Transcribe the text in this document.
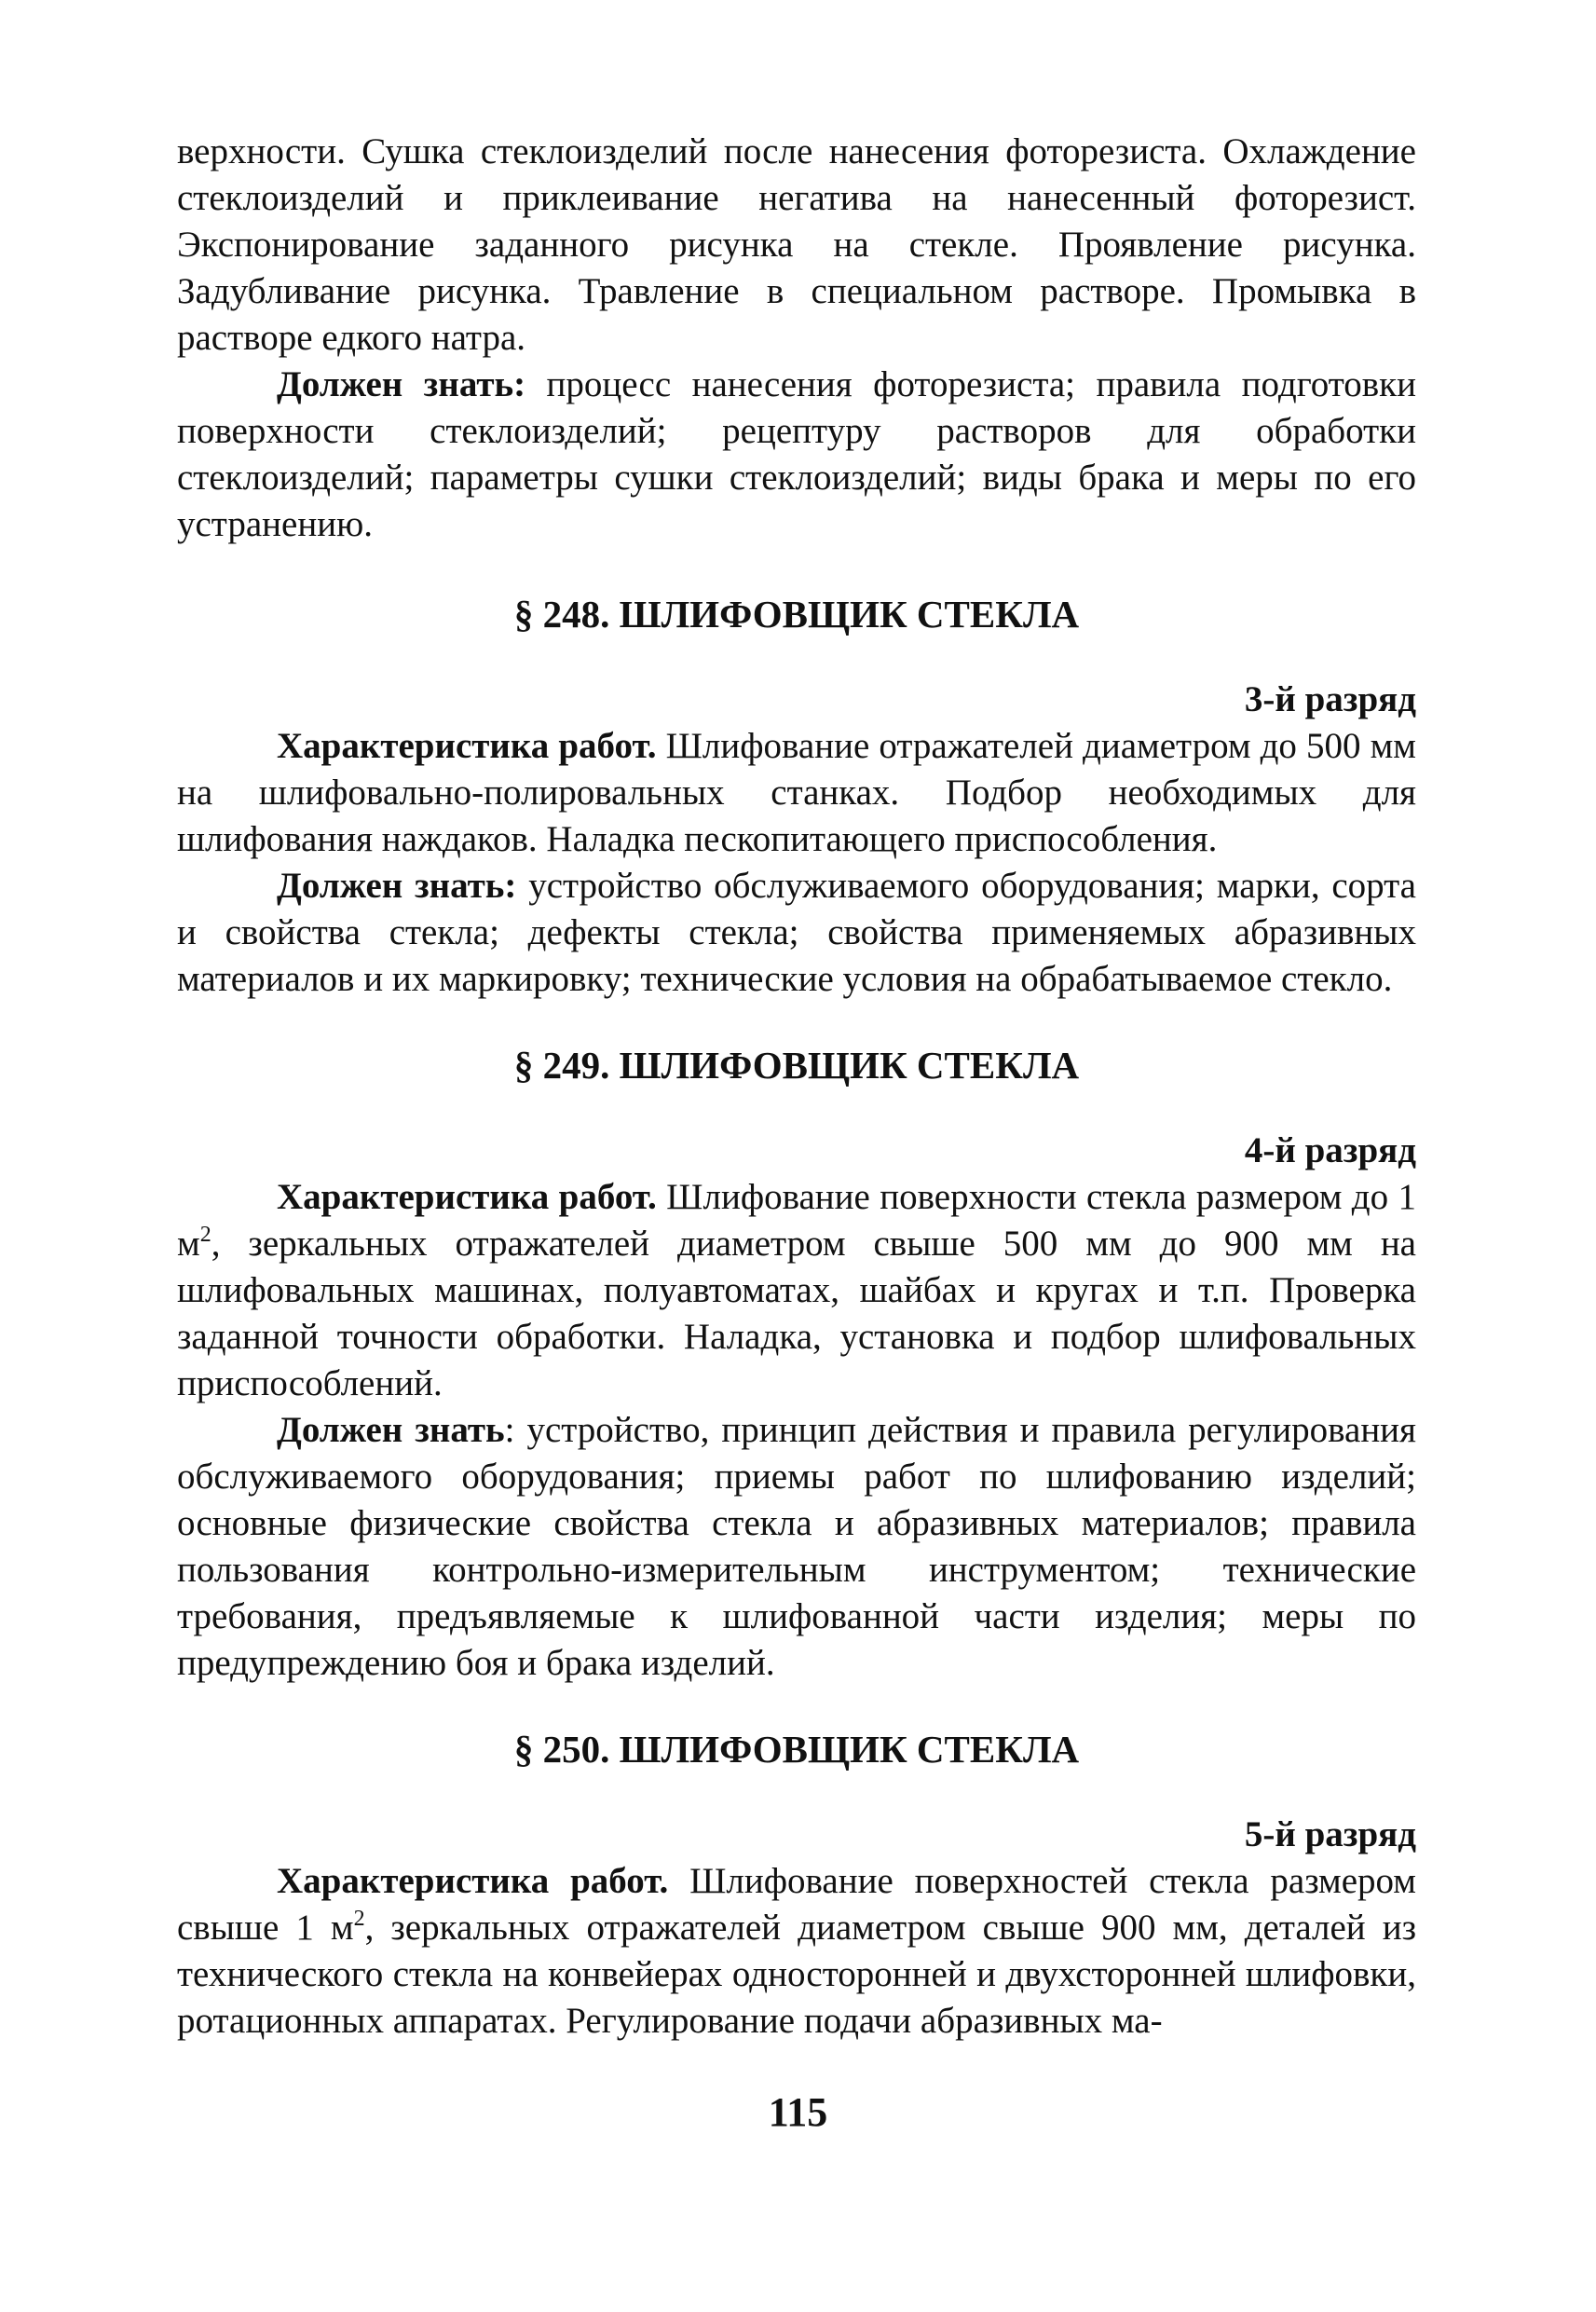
верхности. Сушка стеклоизделий после нанесения фоторезиста. Охлаждение стеклоизделий и приклеивание негатива на нанесенный фоторезист. Экспонирование заданного рисунка на стекле. Проявление рисунка. Задубливание рисунка. Травление в специальном растворе. Промывка в растворе едкого натра.

Должен знать: процесс нанесения фоторезиста; правила подготовки поверхности стеклоизделий; рецептуру растворов для обработки стеклоизделий; параметры сушки стеклоизделий; виды брака и меры по его устранению.

§ 248. ШЛИФОВЩИК СТЕКЛА

3-й разряд

Характеристика работ. Шлифование отражателей диаметром до 500 мм на шлифовально-полировальных станках. Подбор необходимых для шлифования наждаков. Наладка пескопитающего приспособления.

Должен знать: устройство обслуживаемого оборудования; марки, сорта и свойства стекла; дефекты стекла; свойства применяемых абразивных материалов и их маркировку; технические условия на обрабатываемое стекло.

§ 249. ШЛИФОВЩИК СТЕКЛА

4-й разряд

Характеристика работ. Шлифование поверхности стекла размером до 1 $м^2$, зеркальных отражателей диаметром свыше 500 мм до 900 мм на шлифовальных машинах, полуавтоматах, шайбах и кругах и т.п. Проверка заданной точности обработки. Наладка, установка и подбор шлифовальных приспособлений.

Должен знать: устройство, принцип действия и правила регулирования обслуживаемого оборудования; приемы работ по шлифованию изделий; основные физические свойства стекла и абразивных материалов; правила пользования контрольно-измерительным инструментом; технические требования, предъявляемые к шлифованной части изделия; меры по предупреждению боя и брака изделий.

§ 250. ШЛИФОВЩИК СТЕКЛА

5-й разряд

Характеристика работ. Шлифование поверхностей стекла размером свыше 1 $м^2$, зеркальных отражателей диаметром свыше 900 мм, деталей из технического стекла на конвейерах односторонней и двухсторонней шлифовки, ротационных аппаратах. Регулирование подачи абразивных ма-

115
